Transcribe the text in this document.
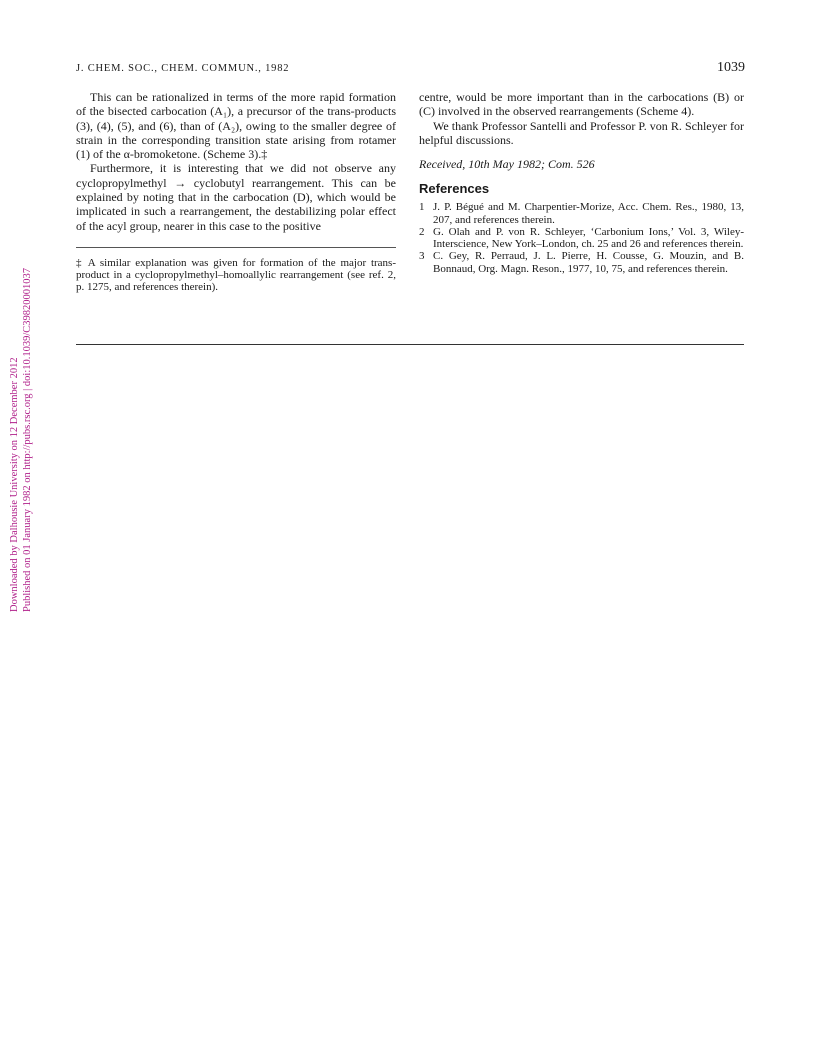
Downloaded by Dalhousie University on 12 December 2012 Published on 01 January 1982 on http://pubs.rsc.org | doi:10.1039/C39820001037
J. CHEM. SOC., CHEM. COMMUN., 1982	1039

This can be rationalized in terms of the more rapid formation of the bisected carbocation (A₁), a precursor of the trans-products (3), (4), (5), and (6), than of (A₂), owing to the smaller degree of strain in the corresponding transition state arising from rotamer (1) of the α-bromoketone. (Scheme 3).‡

Furthermore, it is interesting that we did not observe any cyclopropylmethyl → cyclobutyl rearrangement. This can be explained by noting that in the carbocation (D), which would be implicated in such a rearrangement, the destabilizing polar effect of the acyl group, nearer in this case to the positive

‡ A similar explanation was given for formation of the major trans-product in a cyclopropylmethyl–homoallylic rearrangement (see ref. 2, p. 1275, and references therein).

centre, would be more important than in the carbocations (B) or (C) involved in the observed rearrangements (Scheme 4).

We thank Professor Santelli and Professor P. von R. Schleyer for helpful discussions.

Received, 10th May 1982; Com. 526

References
1 J. P. Bégué and M. Charpentier-Morize, Acc. Chem. Res., 1980, 13, 207, and references therein.
2 G. Olah and P. von R. Schleyer, ‘Carbonium Ions,’ Vol. 3, Wiley-Interscience, New York–London, ch. 25 and 26 and references therein.
3 C. Gey, R. Perraud, J. L. Pierre, H. Cousse, G. Mouzin, and B. Bonnaud, Org. Magn. Reson., 1977, 10, 75, and references therein.
